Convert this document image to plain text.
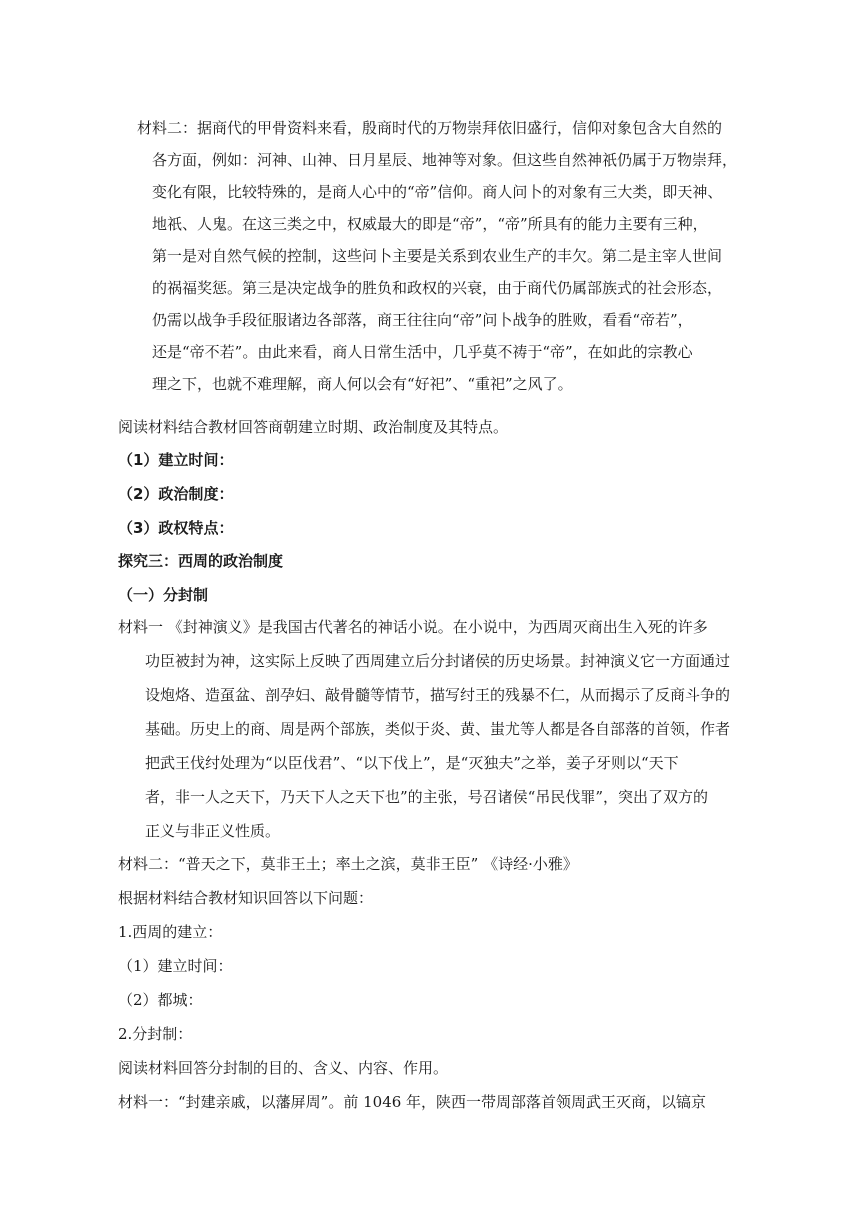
材料二：据商代的甲骨资料来看，殷商时代的万物崇拜依旧盛行，信仰对象包含大自然的
各方面，例如：河神、山神、日月星辰、地神等对象。但这些自然神祇仍属于万物崇拜，
变化有限，比较特殊的，是商人心中的“帝”信仰。商人问卜的对象有三大类，即天神、
地祇、人鬼。在这三类之中，权威最大的即是“帝”，“帝”所具有的能力主要有三种，
第一是对自然气候的控制，这些问卜主要是关系到农业生产的丰欠。第二是主宰人世间
的祸福奖惩。第三是决定战争的胜负和政权的兴衰，由于商代仍属部族式的社会形态，
仍需以战争手段征服诸边各部落，商王往往向“帝”问卜战争的胜败，看看“帝若”，
还是“帝不若”。由此来看，商人日常生活中，几乎莫不祷于“帝”，在如此的宗教心
理之下，也就不难理解，商人何以会有“好祀”、“重祀”之风了。
阅读材料结合教材回答商朝建立时期、政治制度及其特点。
（1）建立时间：
（2）政治制度：
（3）政权特点：
探究三：西周的政治制度
（一）分封制
材料一 《封神演义》是我国古代著名的神话小说。在小说中，为西周灭商出生入死的许多
功臣被封为神，这实际上反映了西周建立后分封诸侯的历史场景。封神演义它一方面通过
设炮烙、造虿盆、剖孕妇、敲骨髓等情节，描写纣王的残暴不仁，从而揭示了反商斗争的
基础。历史上的商、周是两个部族，类似于炎、黄、蚩尤等人都是各自部落的首领，作者
把武王伐纣处理为“以臣伐君”、“以下伐上”，是“灭独夫”之举，姜子牙则以“天下
者，非一人之天下，乃天下人之天下也”的主张，号召诸侯“吊民伐罪”，突出了双方的
正义与非正义性质。
材料二：“普天之下，莫非王土；率土之滨，莫非王臣” 《诗经·小雅》
根据材料结合教材知识回答以下问题：
1.西周的建立：
（1）建立时间：
（2）都城：
2.分封制：
阅读材料回答分封制的目的、含义、内容、作用。
材料一：“封建亲戚，以藩屏周”。前 1046 年，陕西一带周部落首领周武王灭商，以镐京
